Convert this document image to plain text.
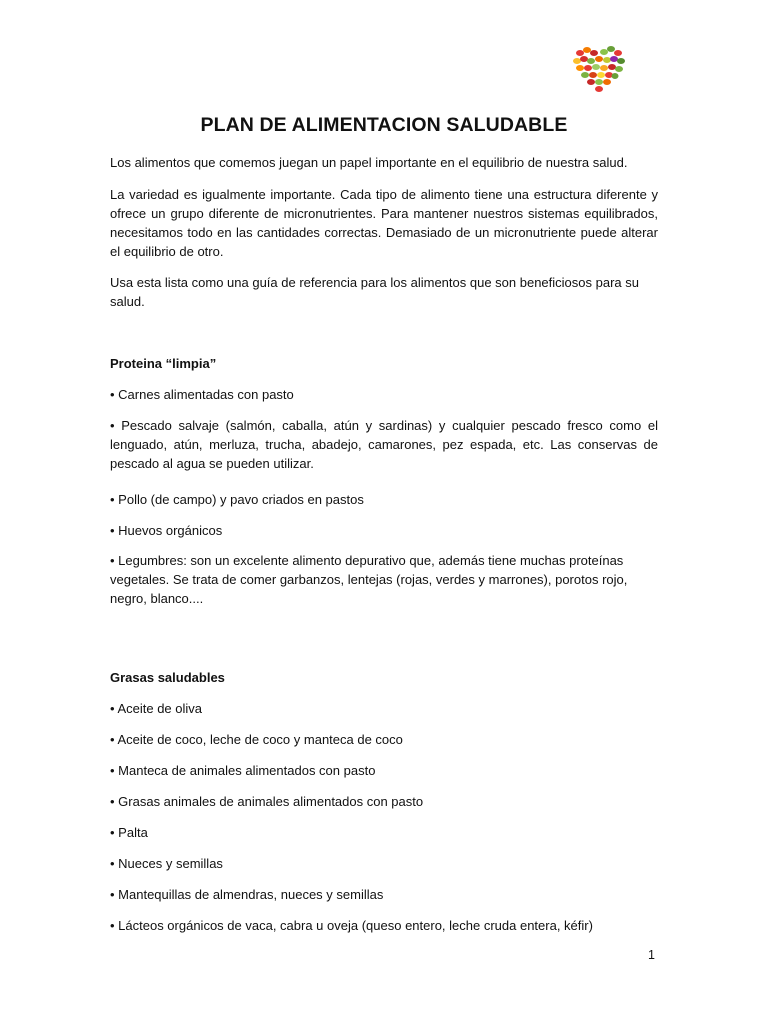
PLAN DE ALIMENTACION SALUDABLE

Los alimentos que comemos juegan un papel importante en el equilibrio de nuestra salud.

La variedad es igualmente importante. Cada tipo de alimento tiene una estructura diferente y ofrece un grupo diferente de micronutrientes. Para mantener nuestros sistemas equilibrados, necesitamos todo en las cantidades correctas. Demasiado de un micronutriente puede alterar el equilibrio de otro.

Usa esta lista como una guía de referencia para los alimentos que son beneficiosos para su salud.

Proteina “limpia”

• Carnes alimentadas con pasto

• Pescado salvaje (salmón, caballa, atún y sardinas) y cualquier pescado fresco como el lenguado, atún, merluza, trucha, abadejo, camarones, pez espada, etc. Las conservas de pescado al agua se pueden utilizar.

• Pollo (de campo) y pavo criados en pastos

• Huevos orgánicos

• Legumbres: son un excelente alimento depurativo que, además tiene muchas proteínas vegetales. Se trata de comer garbanzos, lentejas (rojas, verdes y marrones), porotos rojo, negro, blanco....

Grasas saludables

• Aceite de oliva

• Aceite de coco, leche de coco y manteca de coco

• Manteca de animales alimentados con pasto

• Grasas animales de animales alimentados con pasto

• Palta

• Nueces y semillas

• Mantequillas de almendras, nueces y semillas

• Lácteos orgánicos de vaca, cabra u oveja (queso entero, leche cruda entera, kéfir)

1
